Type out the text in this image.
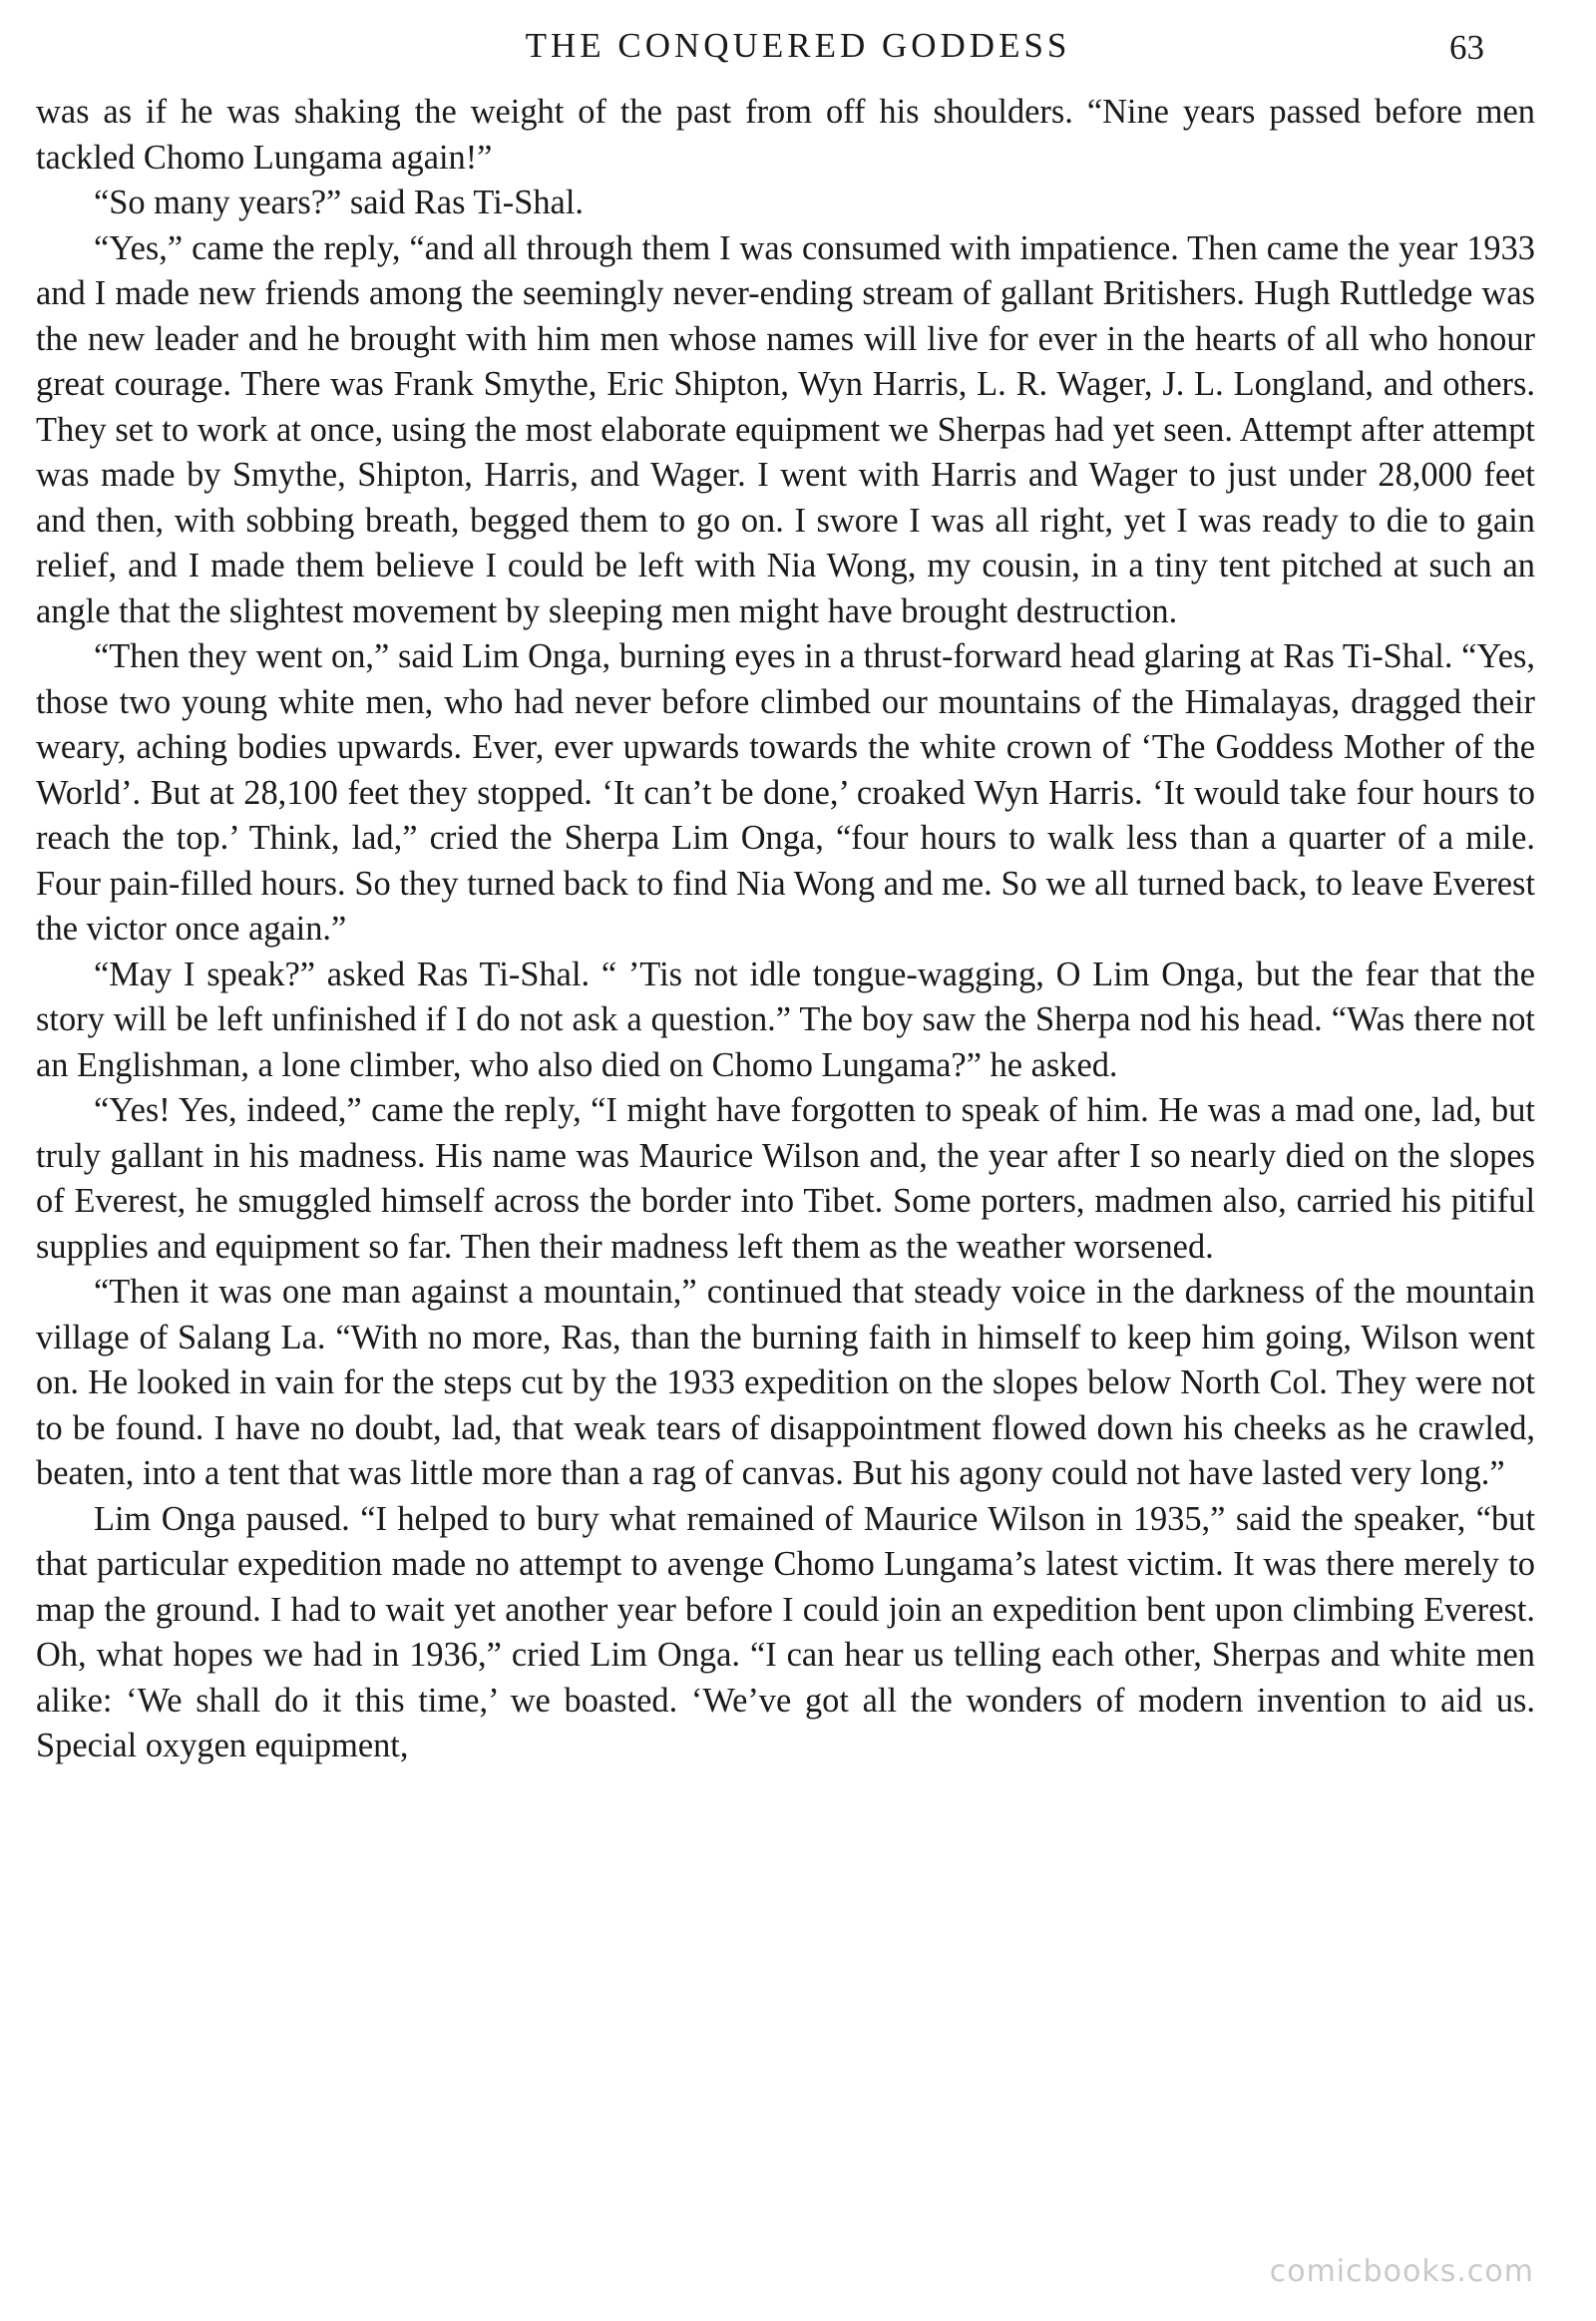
THE CONQUERED GODDESS	63

was as if he was shaking the weight of the past from off his shoulders. “Nine years passed before men tackled Chomo Lungama again!”

“So many years?” said Ras Ti-Shal.

“Yes,” came the reply, “and all through them I was consumed with impatience. Then came the year 1933 and I made new friends among the seemingly never-ending stream of gallant Britishers. Hugh Ruttledge was the new leader and he brought with him men whose names will live for ever in the hearts of all who honour great courage. There was Frank Smythe, Eric Shipton, Wyn Harris, L. R. Wager, J. L. Longland, and others. They set to work at once, using the most elaborate equipment we Sherpas had yet seen. Attempt after attempt was made by Smythe, Shipton, Harris, and Wager. I went with Harris and Wager to just under 28,000 feet and then, with sobbing breath, begged them to go on. I swore I was all right, yet I was ready to die to gain relief, and I made them believe I could be left with Nia Wong, my cousin, in a tiny tent pitched at such an angle that the slightest movement by sleeping men might have brought destruction.

“Then they went on,” said Lim Onga, burning eyes in a thrust-forward head glaring at Ras Ti-Shal. “Yes, those two young white men, who had never before climbed our mountains of the Himalayas, dragged their weary, aching bodies upwards. Ever, ever upwards towards the white crown of ‘The Goddess Mother of the World’. But at 28,100 feet they stopped. ‘It can’t be done,’ croaked Wyn Harris. ‘It would take four hours to reach the top.’ Think, lad,” cried the Sherpa Lim Onga, “four hours to walk less than a quarter of a mile. Four pain-filled hours. So they turned back to find Nia Wong and me. So we all turned back, to leave Everest the victor once again.”

“May I speak?” asked Ras Ti-Shal. “ ’Tis not idle tongue-wagging, O Lim Onga, but the fear that the story will be left unfinished if I do not ask a question.” The boy saw the Sherpa nod his head. “Was there not an Englishman, a lone climber, who also died on Chomo Lungama?” he asked.

“Yes! Yes, indeed,” came the reply, “I might have forgotten to speak of him. He was a mad one, lad, but truly gallant in his madness. His name was Maurice Wilson and, the year after I so nearly died on the slopes of Everest, he smuggled himself across the border into Tibet. Some porters, madmen also, carried his pitiful supplies and equipment so far. Then their madness left them as the weather worsened.

“Then it was one man against a mountain,” continued that steady voice in the darkness of the mountain village of Salang La. “With no more, Ras, than the burning faith in himself to keep him going, Wilson went on. He looked in vain for the steps cut by the 1933 expedition on the slopes below North Col. They were not to be found. I have no doubt, lad, that weak tears of disappointment flowed down his cheeks as he crawled, beaten, into a tent that was little more than a rag of canvas. But his agony could not have lasted very long.”

Lim Onga paused. “I helped to bury what remained of Maurice Wilson in 1935,” said the speaker, “but that particular expedition made no attempt to avenge Chomo Lungama’s latest victim. It was there merely to map the ground. I had to wait yet another year before I could join an expedition bent upon climbing Everest. Oh, what hopes we had in 1936,” cried Lim Onga. “I can hear us telling each other, Sherpas and white men alike: ‘We shall do it this time,’ we boasted. ‘We’ve got all the wonders of modern invention to aid us. Special oxygen equipment,

comicbooks.com
